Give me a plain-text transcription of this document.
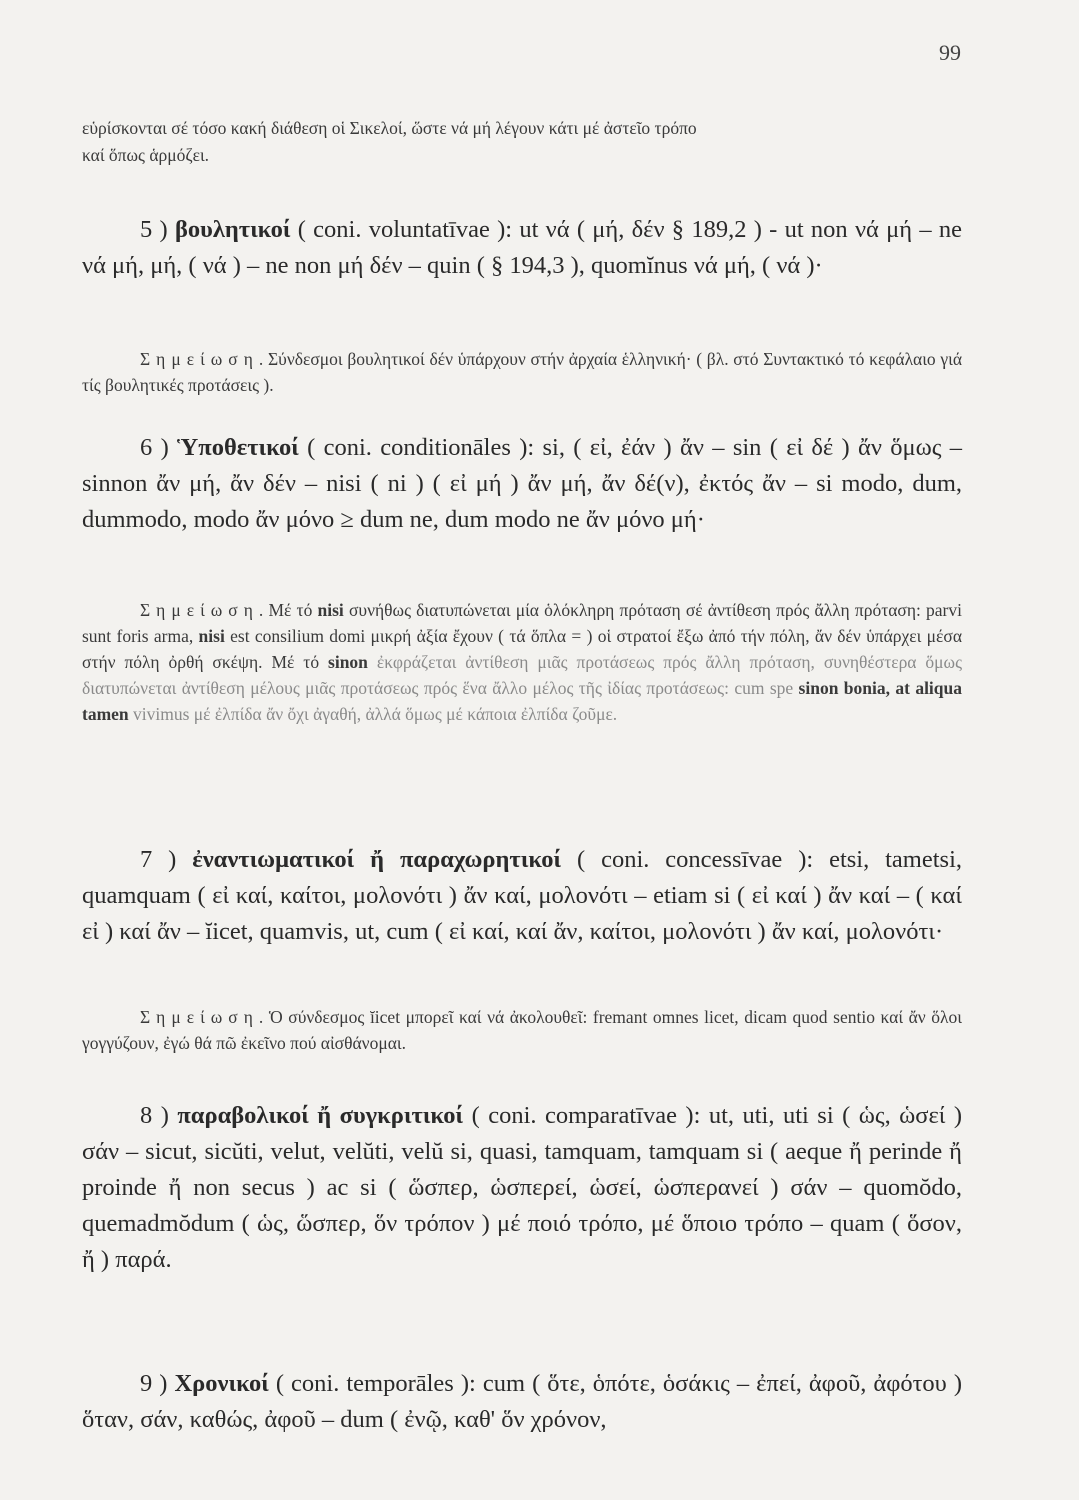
99
εὑρίσκονται σέ τόσο κακή διάθεση οἱ Σικελοί, ὥστε νά μή λέγουν κάτι μέ ἀστεῖο τρόπο
καί ὅπως ἁρμόζει.

5 ) βουλητικοί ( coni. voluntatīvae ): ut νά ( μή, δέν § 189,2 ) - ut non νά μή – ne νά μή, μή, ( νά ) – ne non μή δέν – quin ( § 194,3 ), quomĭnus νά μή, ( νά )·

Σημείωση. Σύνδεσμοι βουλητικοί δέν ὑπάρχουν στήν ἀρχαία ἑλληνική· ( βλ. στό Συντακτικό τό κεφάλαιο γιά τίς βουλητικές προτάσεις ).

6 ) Ὑποθετικοί ( coni. conditionāles ): si, ( εἰ, ἐάν ) ἄν – sin ( εἰ δέ ) ἄν ὅμως – sinnon ἄν μή, ἄν δέν – nisi ( ni ) ( εἰ μή ) ἄν μή, ἄν δέ(ν), ἐκτός ἄν – si modo, dum, dummodo, modo ἄν μόνο ≥ dum ne, dum modo ne ἄν μόνο μή·

Σημείωση. Μέ τό nisi συνήθως διατυπώνεται μία ὁλόκληρη πρόταση σέ ἀντίθεση πρός ἄλλη πρόταση: parvi sunt foris arma, nisi est consilium domi μικρή ἀξία ἔχουν ( τά ὅπλα = ) οἱ στρατοί ἔξω ἀπό τήν πόλη, ἄν δέν ὑπάρχει μέσα στήν πόλη ὀρθή σκέψη. Μέ τό sinon ἐκφράζεται ἀντίθεση μιᾶς προτάσεως πρός ἄλλη πρόταση, συνηθέστερα ὅμως διατυπώνεται ἀντίθεση μέλους μιᾶς προτάσεως πρός ἕνα ἄλλο μέλος τῆς ἰδίας προτάσεως: cum spe sinon bonia, at aliqua tamen vivimus μέ ἐλπίδα ἄν ὄχι ἀγαθή, ἀλλά ὅμως μέ κάποια ἐλπίδα ζοῦμε.

7 ) ἐναντιωματικοί ἤ παραχωρητικοί ( coni. concessīvae ): etsi, tametsi, quamquam ( εἰ καί, καίτοι, μολονότι ) ἄν καί, μολονότι – etiam si ( εἰ καί ) ἄν καί – ( καί εἰ ) καί ἄν – ĭicet, quamvis, ut, cum ( εἰ καί, καί ἄν, καίτοι, μολονότι ) ἄν καί, μολονότι·

Σημείωση. Ὁ σύνδεσμος ĭicet μπορεῖ καί νά ἀκολουθεῖ: fremant omnes licet, dicam quod sentio καί ἄν ὅλοι γογγύζουν, ἐγώ θά πῶ ἐκεῖνο πού αἰσθάνομαι.

8 ) παραβολικοί ἤ συγκριτικοί ( coni. comparatīvae ): ut, uti, uti si ( ὡς, ὡσεί ) σάν – sicut, sicŭti, velut, velŭti, velŭ si, quasi, tamquam, tamquam si ( aeque ἤ perinde ἤ proinde ἤ non secus ) ac si ( ὥσπερ, ὡσπερεί, ὡσεί, ὡσπερανεί ) σάν – quomŏdo, quemadmŏdum ( ὡς, ὥσπερ, ὅν τρόπον ) μέ ποιό τρόπο, μέ ὅποιο τρόπο – quam ( ὅσον, ἤ ) παρά.

9 ) Χρονικοί ( coni. temporāles ): cum ( ὅτε, ὁπότε, ὁσάκις – ἐπεί, ἀφοῦ, ἀφότου ) ὅταν, σάν, καθώς, ἀφοῦ – dum ( ἐνῷ, καθ' ὅν χρόνον,
